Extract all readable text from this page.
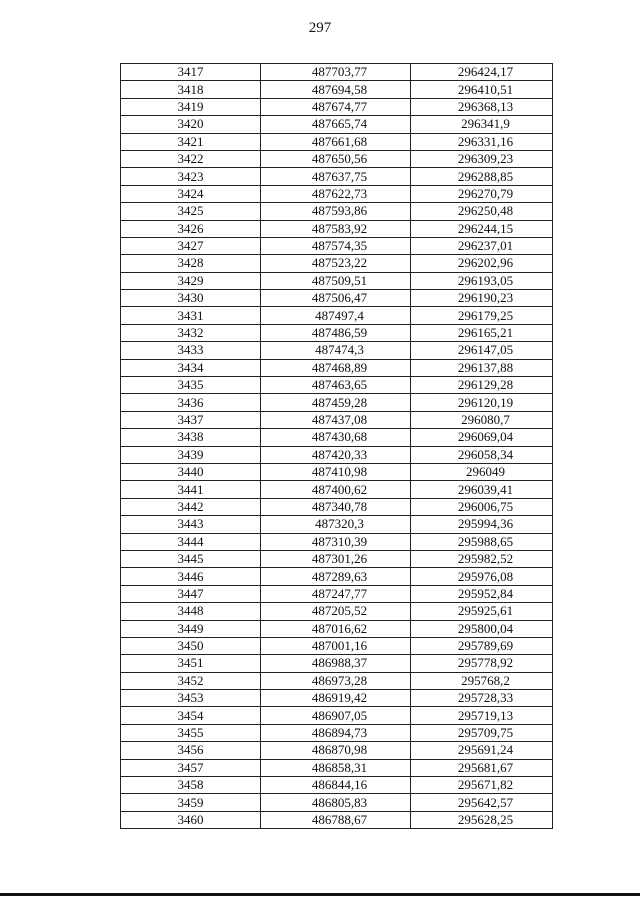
297
3417	487703,77	296424,17
3418	487694,58	296410,51
3419	487674,77	296368,13
3420	487665,74	296341,9
3421	487661,68	296331,16
3422	487650,56	296309,23
3423	487637,75	296288,85
3424	487622,73	296270,79
3425	487593,86	296250,48
3426	487583,92	296244,15
3427	487574,35	296237,01
3428	487523,22	296202,96
3429	487509,51	296193,05
3430	487506,47	296190,23
3431	487497,4	296179,25
3432	487486,59	296165,21
3433	487474,3	296147,05
3434	487468,89	296137,88
3435	487463,65	296129,28
3436	487459,28	296120,19
3437	487437,08	296080,7
3438	487430,68	296069,04
3439	487420,33	296058,34
3440	487410,98	296049
3441	487400,62	296039,41
3442	487340,78	296006,75
3443	487320,3	295994,36
3444	487310,39	295988,65
3445	487301,26	295982,52
3446	487289,63	295976,08
3447	487247,77	295952,84
3448	487205,52	295925,61
3449	487016,62	295800,04
3450	487001,16	295789,69
3451	486988,37	295778,92
3452	486973,28	295768,2
3453	486919,42	295728,33
3454	486907,05	295719,13
3455	486894,73	295709,75
3456	486870,98	295691,24
3457	486858,31	295681,67
3458	486844,16	295671,82
3459	486805,83	295642,57
3460	486788,67	295628,25
